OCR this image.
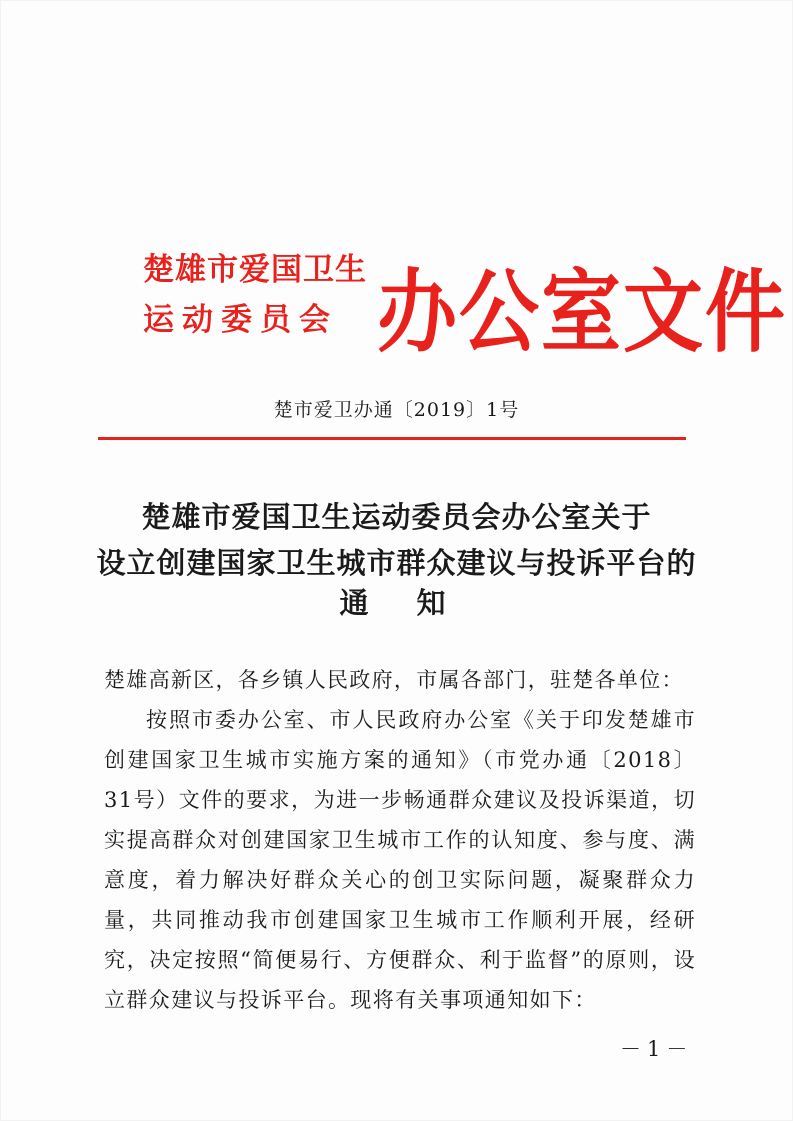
楚雄市爱国卫生
运动委员会 办公室文件
楚市爱卫办通〔2019〕1号
楚雄市爱国卫生运动委员会办公室关于
设立创建国家卫生城市群众建议与投诉平台的
通知

楚雄高新区，各乡镇人民政府，市属各部门，驻楚各单位：

按照市委办公室、市人民政府办公室《关于印发楚雄市创建国家卫生城市实施方案的通知》（市党办通〔2018〕31号）文件的要求，为进一步畅通群众建议及投诉渠道，切实提高群众对创建国家卫生城市工作的认知度、参与度、满意度，着力解决好群众关心的创卫实际问题，凝聚群众力量，共同推动我市创建国家卫生城市工作顺利开展，经研究，决定按照“简便易行、方便群众、利于监督”的原则，设立群众建议与投诉平台。现将有关事项通知如下：

－1－
